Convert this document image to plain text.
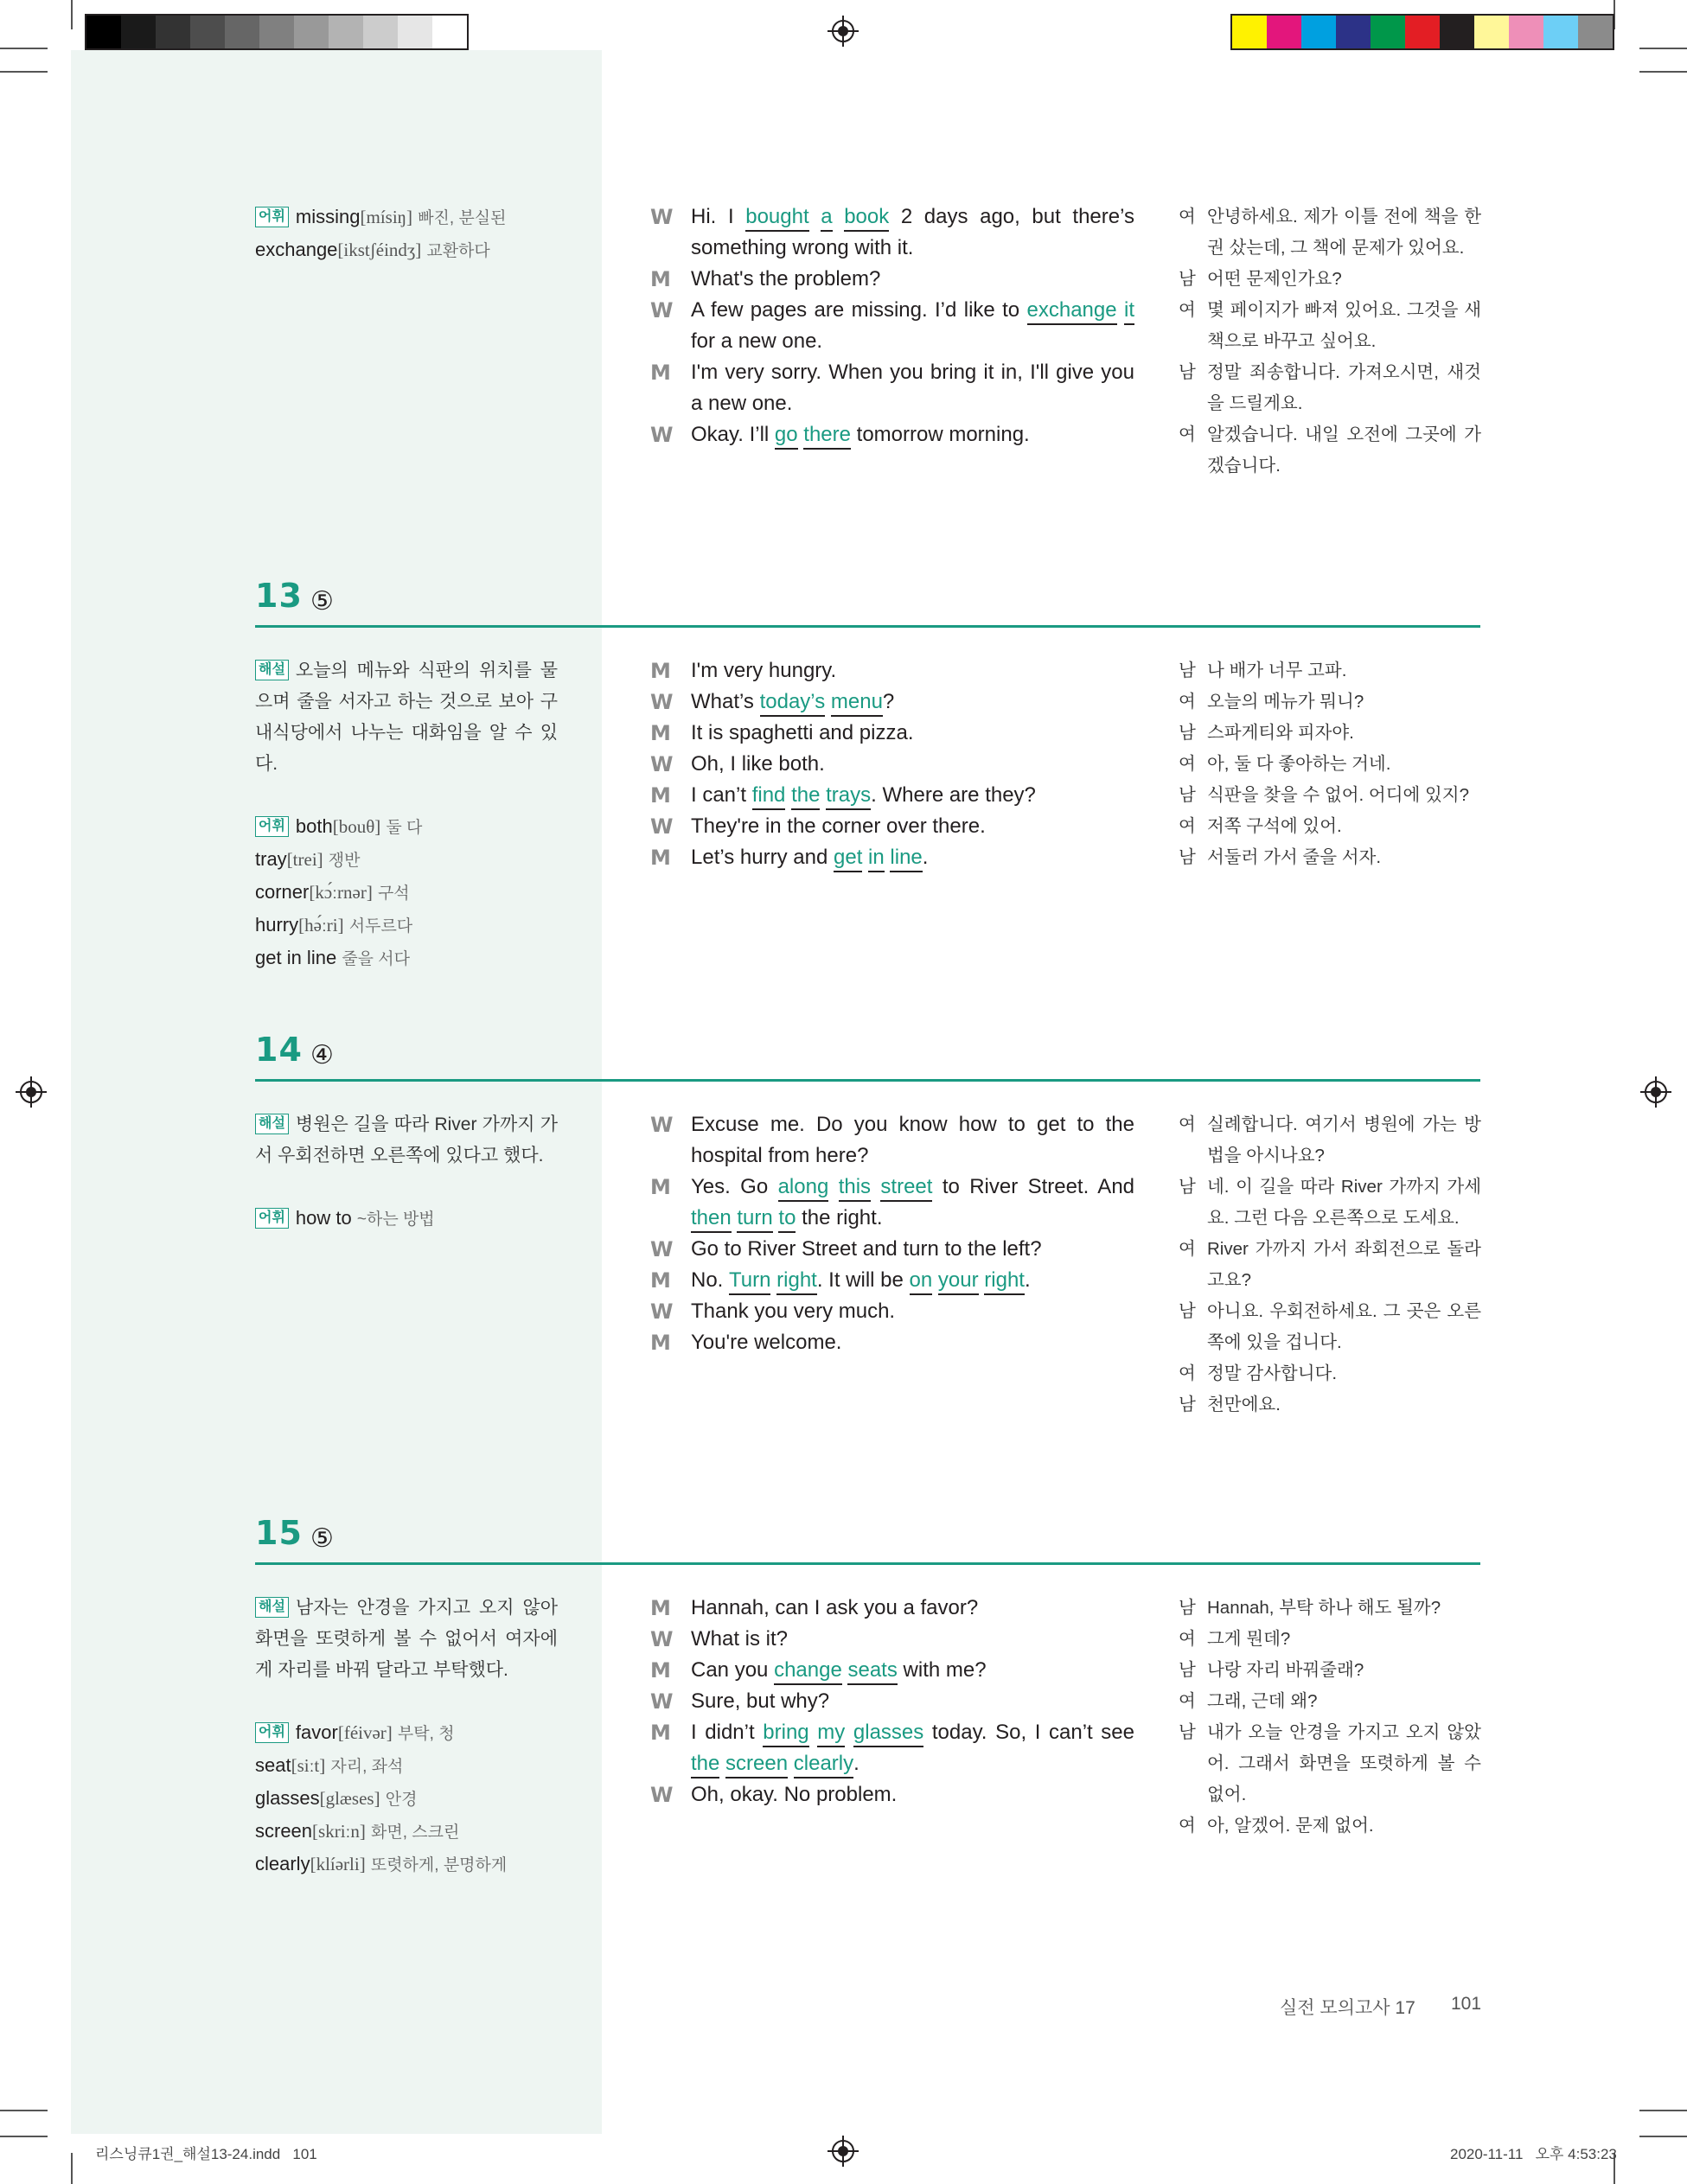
어휘 missing[mísiŋ] 빠진, 분실된
exchange[ikstʃéindʒ] 교환하다
W Hi. I bought a book 2 days ago, but there’s something wrong with it.
M What's the problem?
W A few pages are missing. I’d like to exchange it for a new one.
M I'm very sorry. When you bring it in, I'll give you a new one.
W Okay. I’ll go there tomorrow morning.
여 안녕하세요. 제가 이틀 전에 책을 한 권 샀는데, 그 책에 문제가 있어요.
남 어떤 문제인가요?
여 몇 페이지가 빠져 있어요. 그것을 새 책으로 바꾸고 싶어요.
남 정말 죄송합니다. 가져오시면, 새것을 드릴게요.
여 알겠습니다. 내일 오전에 그곳에 가겠습니다.
13 ⑤
해설 오늘의 메뉴와 식판의 위치를 물으며 줄을 서자고 하는 것으로 보아 구내식당에서 나누는 대화임을 알 수 있다.
어휘 both[bouθ] 둘 다
tray[trei] 쟁반
corner[kɔ́ːrnər] 구석
hurry[hə́ːri] 서두르다
get in line 줄을 서다
M I'm very hungry.
W What’s today’s menu?
M It is spaghetti and pizza.
W Oh, I like both.
M I can’t find the trays. Where are they?
W They're in the corner over there.
M Let’s hurry and get in line.
남 나 배가 너무 고파.
여 오늘의 메뉴가 뭐니?
남 스파게티와 피자야.
여 아, 둘 다 좋아하는 거네.
남 식판을 찾을 수 없어. 어디에 있지?
여 저쪽 구석에 있어.
남 서둘러 가서 줄을 서자.
14 ④
해설 병원은 길을 따라 River 가까지 가서 우회전하면 오른쪽에 있다고 했다.
어휘 how to ~하는 방법
W Excuse me. Do you know how to get to the hospital from here?
M Yes. Go along this street to River Street. And then turn to the right.
W Go to River Street and turn to the left?
M No. Turn right. It will be on your right.
W Thank you very much.
M You're welcome.
여 실례합니다. 여기서 병원에 가는 방법을 아시나요?
남 네. 이 길을 따라 River 가까지 가세요. 그런 다음 오른쪽으로 도세요.
여 River 가까지 가서 좌회전으로 돌라고요?
남 아니요. 우회전하세요. 그 곳은 오른쪽에 있을 겁니다.
여 정말 감사합니다.
남 천만에요.
15 ⑤
해설 남자는 안경을 가지고 오지 않아 화면을 또렷하게 볼 수 없어서 여자에게 자리를 바꿔 달라고 부탁했다.
어휘 favor[féivər] 부탁, 청
seat[siːt] 자리, 좌석
glasses[glæses] 안경
screen[skriːn] 화면, 스크린
clearly[klíərli] 또렷하게, 분명하게
M Hannah, can I ask you a favor?
W What is it?
M Can you change seats with me?
W Sure, but why?
M I didn’t bring my glasses today. So, I can’t see the screen clearly.
W Oh, okay. No problem.
남 Hannah, 부탁 하나 해도 될까?
여 그게 뭔데?
남 나랑 자리 바꿔줄래?
여 그래, 근데 왜?
남 내가 오늘 안경을 가지고 오지 않았어. 그래서 화면을 또렷하게 볼 수 없어.
여 아, 알겠어. 문제 없어.
실전 모의고사 17 101
리스닝큐1권_해설13-24.indd   101	2020-11-11   오후 4:53:23
